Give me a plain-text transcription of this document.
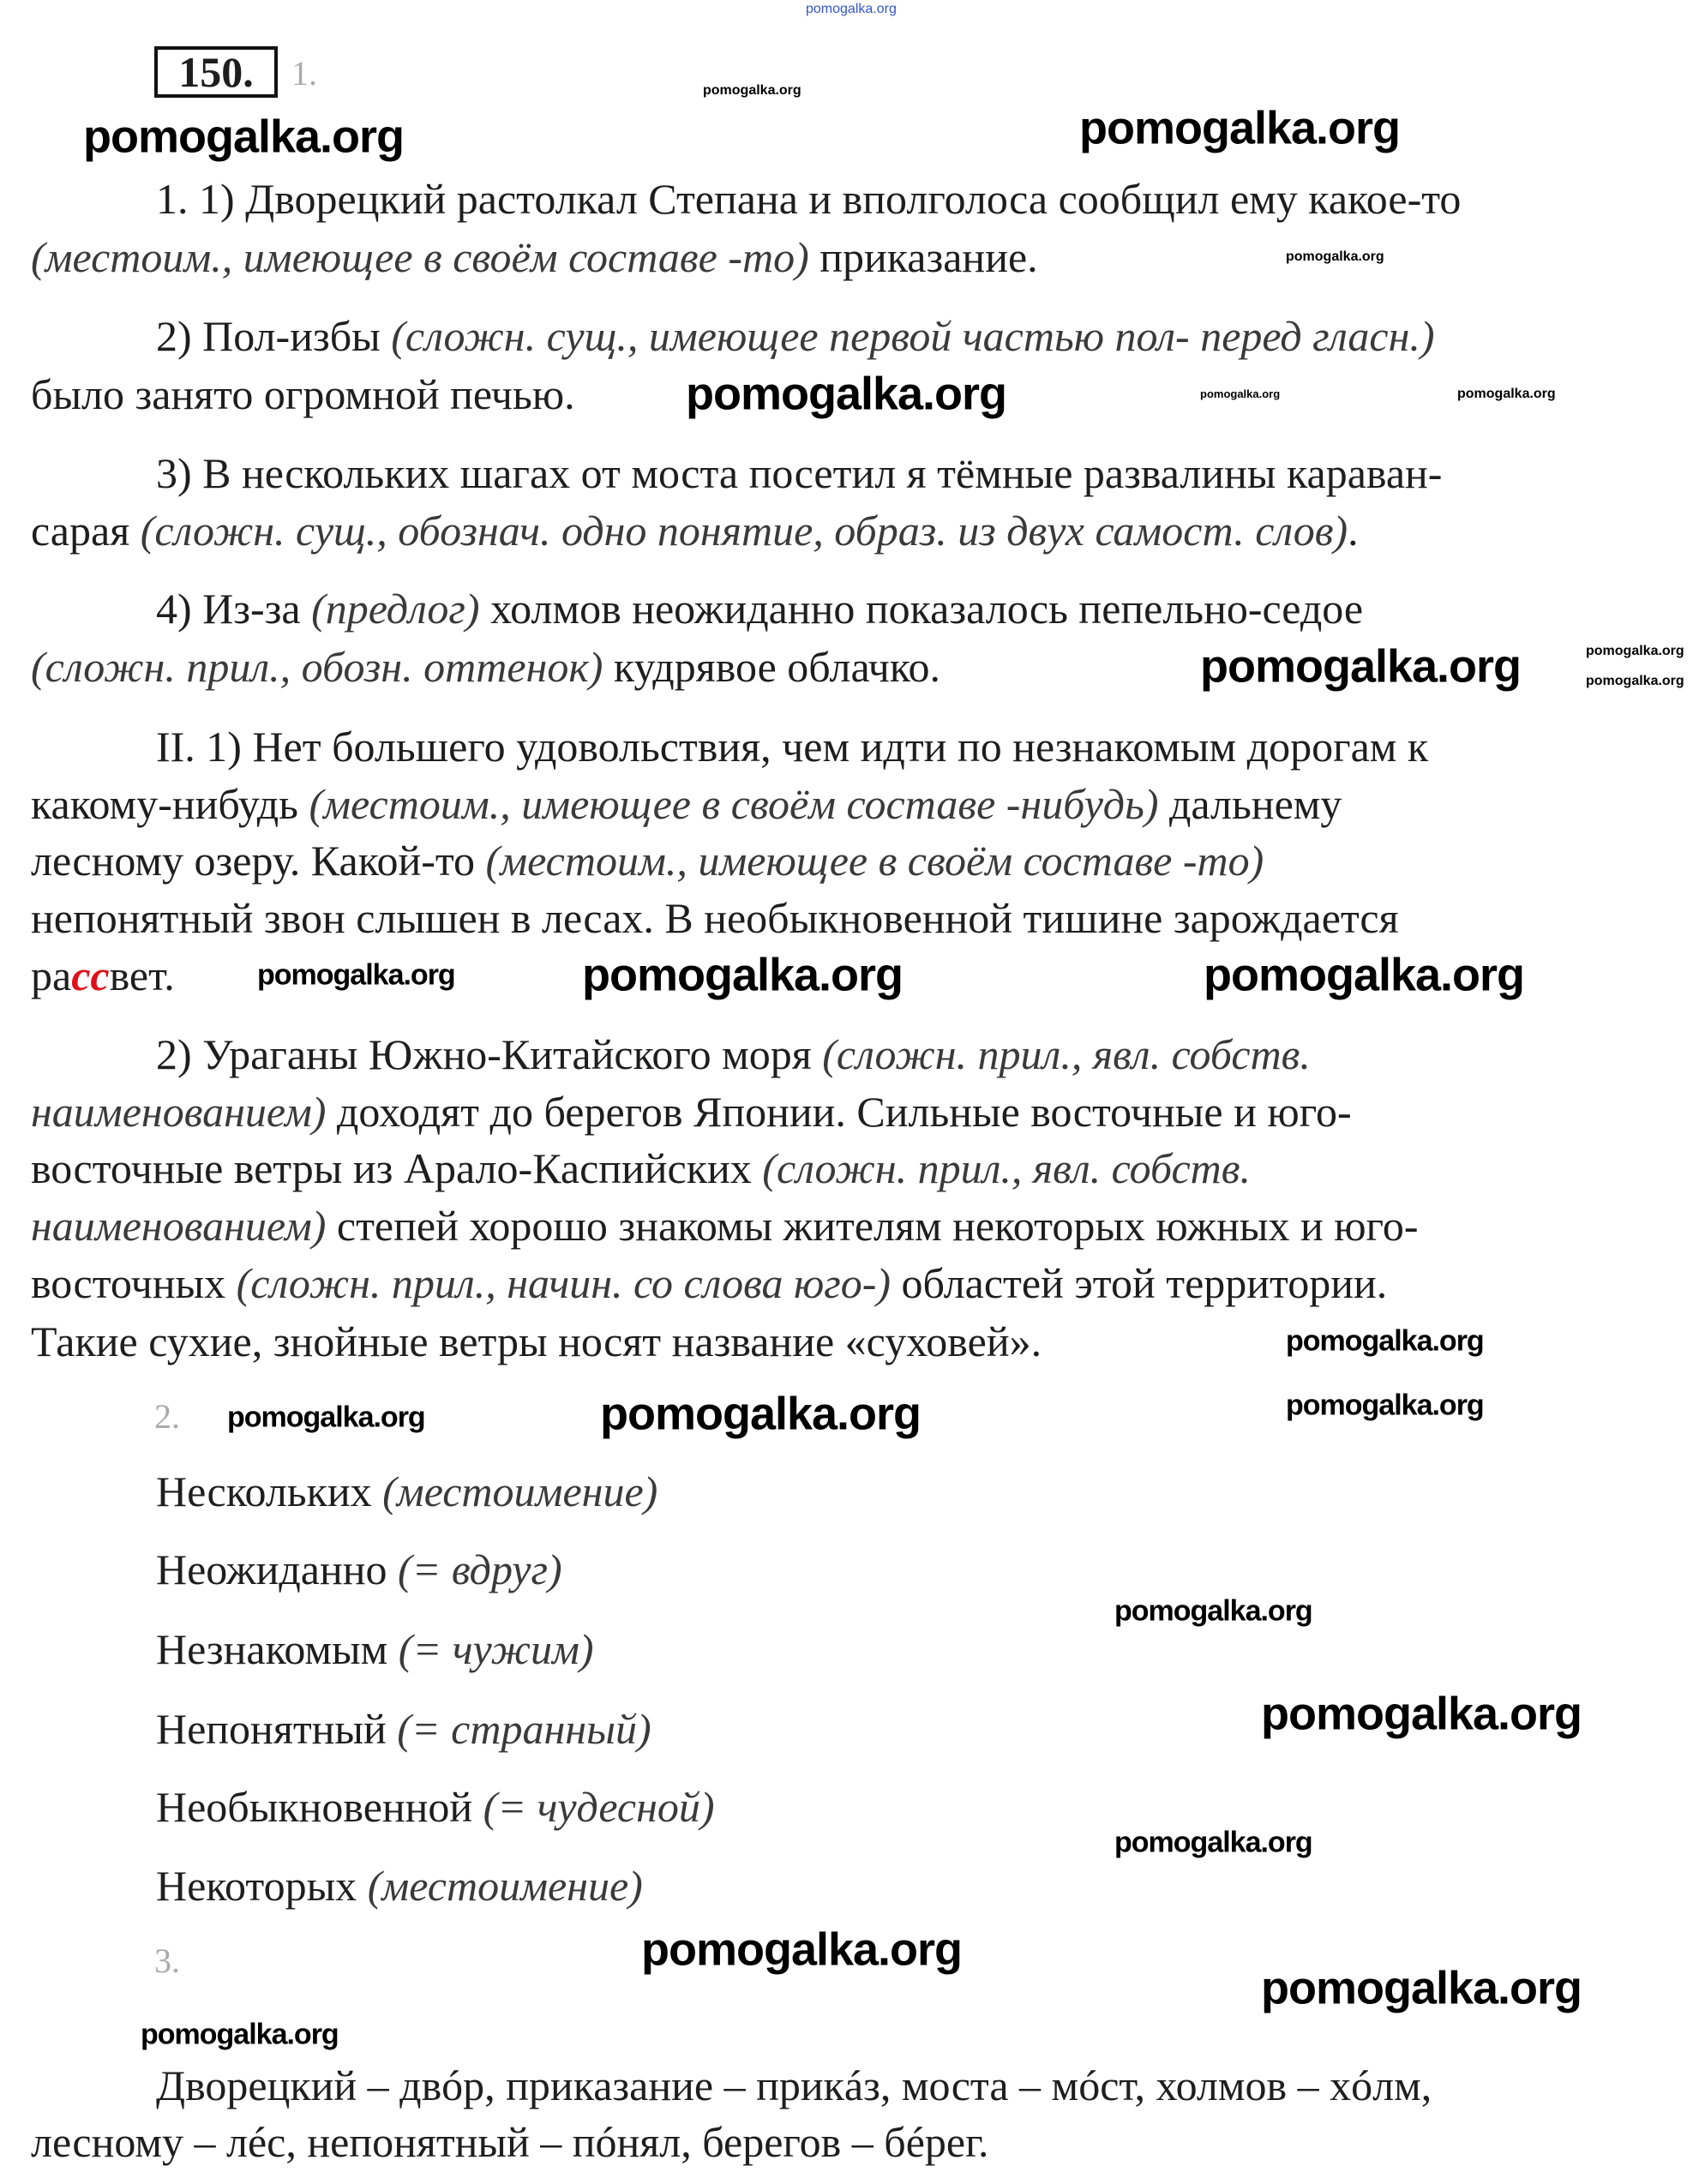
150.	1.
2.
3.
1. 1) Дворецкий растолкал Степана и вполголоса сообщил ему какое-то
(местоим., имеющее в своём составе -то) приказание.
2) Пол-избы (сложн. сущ., имеющее первой частью пол- перед гласн.)
было занято огромной печью.
3) В нескольких шагах от моста посетил я тёмные развалины караван-
сарая (сложн. сущ., обознач. одно понятие, образ. из двух самост. слов).
4) Из-за (предлог) холмов неожиданно показалось пепельно-седое
(сложн. прил., обозн. оттенок) кудрявое облачко.
II. 1) Нет большего удовольствия, чем идти по незнакомым дорогам к
какому-нибудь (местоим., имеющее в своём составе -нибудь) дальнему
лесному озеру. Какой-то (местоим., имеющее в своём составе -то)
непонятный звон слышен в лесах. В необыкновенной тишине зарождается
рассвет.
2) Ураганы Южно-Китайского моря (сложн. прил., явл. собств.
наименованием) доходят до берегов Японии. Сильные восточные и юго-
восточные ветры из Арало-Каспийских (сложн. прил., явл. собств.
наименованием) степей хорошо знакомы жителям некоторых южных и юго-
восточных (сложн. прил., начин. со слова юго-) областей этой территории.
Такие сухие, знойные ветры носят название «суховей».
Нескольких (местоимение)
Неожиданно (= вдруг)
Незнакомым (= чужим)
Непонятный (= странный)
Необыкновенной (= чудесной)
Некоторых (местоимение)
Дворецкий – двóр, приказание – прикáз, моста – мóст, холмов – хóлм,
лесному – лéс, непонятный – пóнял, берегов – бéрег.
pomogalka.org
pomogalka.org
pomogalka.org
pomogalka.org
pomogalka.org
pomogalka.org
pomogalka.org	pomogalka.org
pomogalka.org	pomogalka.org
pomogalka.org
pomogalka.org
pomogalka.org
pomogalka.org
pomogalka.org
pomogalka.org
pomogalka.org
pomogalka.org
pomogalka.org
pomogalka.org
pomogalka.org
pomogalka.org
pomogalka.org
pomogalka.org
